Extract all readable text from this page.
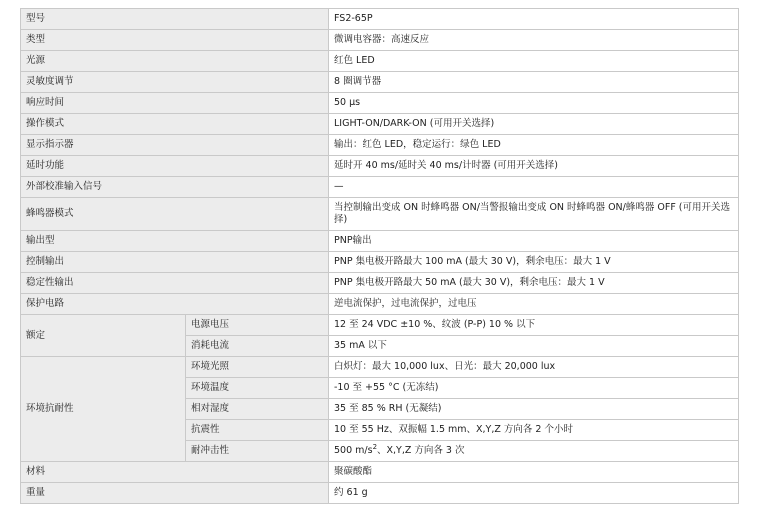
型号		FS2-65P
类型		微调电容器：高速反应
光源		红色 LED
灵敏度调节		8 圈调节器
响应时间		50 μs
操作模式		LIGHT-ON/DARK-ON (可用开关选择)
显示指示器		输出：红色 LED，稳定运行：绿色 LED
延时功能		延时开 40 ms/延时关 40 ms/计时器 (可用开关选择)
外部校准输入信号		—
蜂鸣器模式		当控制输出变成 ON 时蜂鸣器 ON/当警报输出变成 ON 时蜂鸣器 ON/蜂鸣器 OFF (可用开关选择)
输出型		PNP输出
控制输出		PNP 集电极开路最大 100 mA (最大 30 V)，剩余电压：最大 1 V
稳定性输出		PNP 集电极开路最大 50 mA (最大 30 V)，剩余电压：最大 1 V
保护电路		逆电流保护，过电流保护，过电压
额定	电源电压	12 至 24 VDC ±10 %、纹波 (P-P) 10 % 以下
	消耗电流	35 mA 以下
环境抗耐性	环境光照	白炽灯：最大 10,000 lux、日光：最大 20,000 lux
	环境温度	-10 至 +55 °C (无冻结)
	相对湿度	35 至 85 % RH (无凝结)
	抗震性	10 至 55 Hz、双振幅 1.5 mm、X,Y,Z 方向各 2 个小时
	耐冲击性	500 $m/s^2$、X,Y,Z 方向各 3 次
材料		聚碳酸酯
重量		约 61 g
